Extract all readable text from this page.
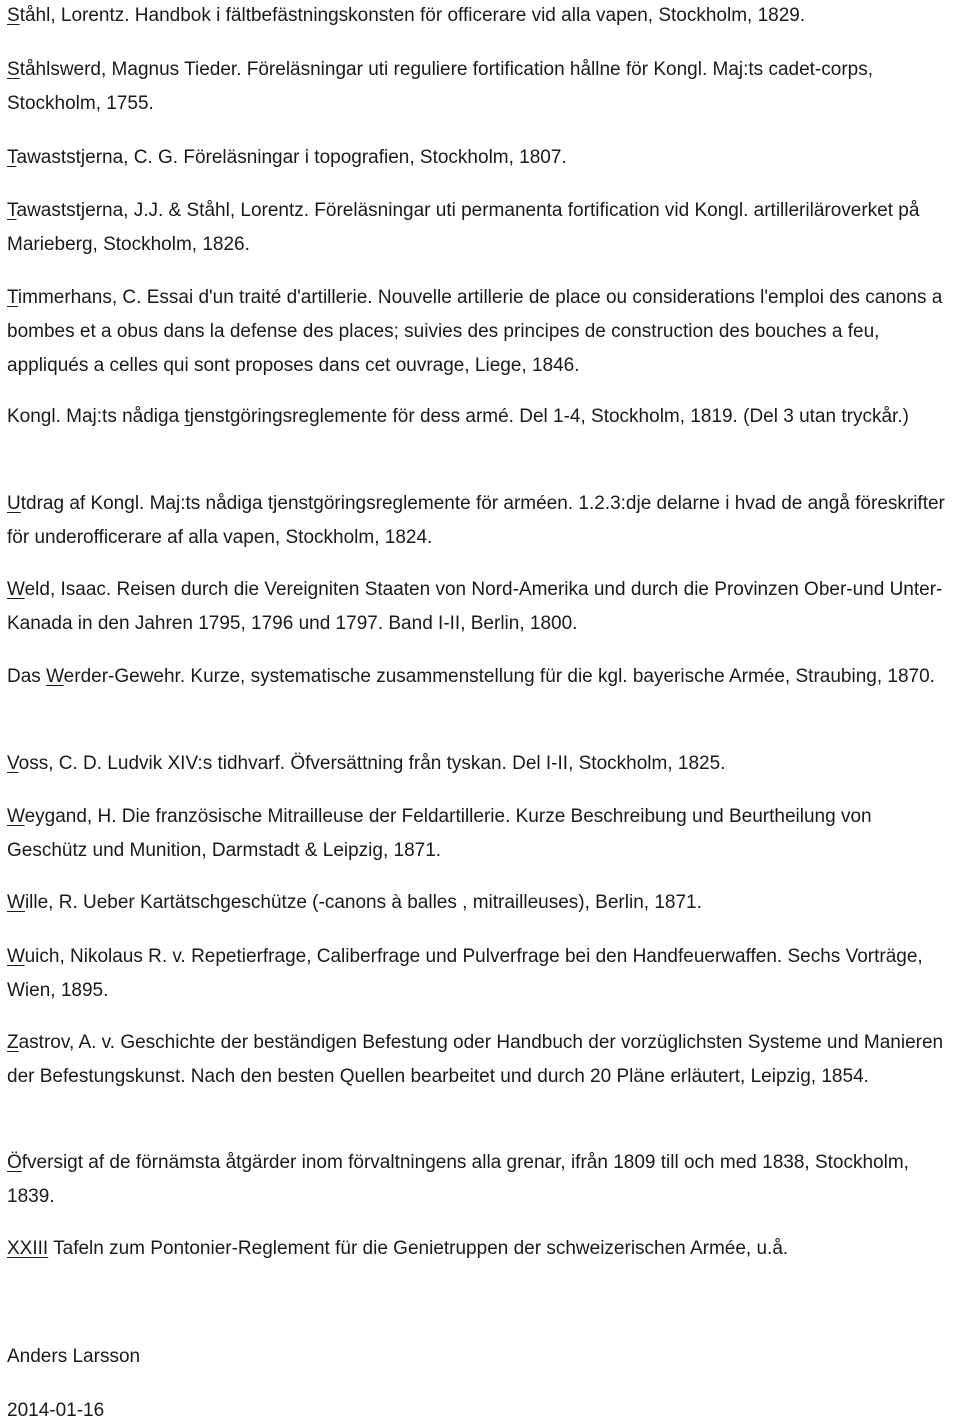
Ståhl, Lorentz. Handbok i fältbefästningskonsten för officerare vid alla vapen, Stockholm, 1829.

Ståhlswerd, Magnus Tieder. Föreläsningar uti reguliere fortification hållne för Kongl. Maj:ts cadet-corps, Stockholm, 1755.

Tawaststjerna, C. G. Föreläsningar i topografien, Stockholm, 1807.

Tawaststjerna, J.J. & Ståhl, Lorentz. Föreläsningar uti permanenta fortification vid Kongl. artilleriläroverket på Marieberg, Stockholm, 1826.

Timmerhans, C. Essai d'un traité d'artillerie. Nouvelle artillerie de place ou considerations l'emploi des canons a bombes et a obus dans la defense des places; suivies des principes de construction des bouches a feu, appliqués a celles qui sont proposes dans cet ouvrage, Liege, 1846.

Kongl. Maj:ts nådiga tjenstgöringsreglemente för dess armé. Del 1-4, Stockholm, 1819. (Del 3 utan tryckår.)

Utdrag af Kongl. Maj:ts nådiga tjenstgöringsreglemente för arméen. 1.2.3:dje delarne i hvad de angå föreskrifter för underofficerare af alla vapen, Stockholm, 1824.

Weld, Isaac. Reisen durch die Vereigniten Staaten von Nord-Amerika und durch die Provinzen Ober-und Unter-Kanada in den Jahren 1795, 1796 und 1797. Band I-II, Berlin, 1800.

Das Werder-Gewehr. Kurze, systematische zusammenstellung für die kgl. bayerische Armée, Straubing, 1870.

Voss, C. D. Ludvik XIV:s tidhvarf. Öfversättning från tyskan. Del I-II, Stockholm, 1825.

Weygand, H. Die französische Mitrailleuse der Feldartillerie. Kurze Beschreibung und Beurtheilung von Geschütz und Munition, Darmstadt & Leipzig, 1871.

Wille, R. Ueber Kartätschgeschütze (-canons à balles , mitrailleuses), Berlin, 1871.

Wuich, Nikolaus R. v. Repetierfrage, Caliberfrage und Pulverfrage bei den Handfeuerwaffen. Sechs Vorträge, Wien, 1895.

Zastrov, A. v. Geschichte der beständigen Befestung oder Handbuch der vorzüglichsten Systeme und Manieren der Befestungskunst. Nach den besten Quellen bearbeitet und durch 20 Pläne erläutert, Leipzig, 1854.

Öfversigt af de förnämsta åtgärder inom förvaltningens alla grenar, ifrån 1809 till och med 1838, Stockholm, 1839.

XXIII Tafeln zum Pontonier-Reglement für die Genietruppen der schweizerischen Armée, u.å.

Anders Larsson
2014-01-16
